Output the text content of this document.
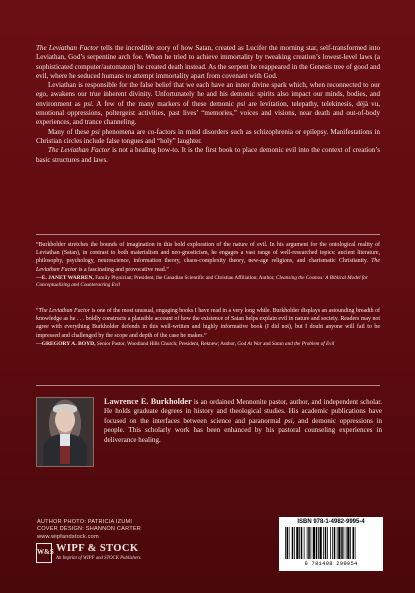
The Leviathan Factor tells the incredible story of how Satan, created as Lucifer the morning star, self-transformed into Leviathan, God’s serpentine arch foe. When he tried to achieve immortality by tweaking creation’s lowest-level laws (a sophisticated computer/automaton) he created death instead. As the serpent he reappeared in the Genesis tree of good and evil, where he seduced humans to attempt immortality apart from covenant with God.

Leviathan is responsible for the false belief that we each have an inner divine spark which, when reconnected to our ego, awakens our true inherent divinity. Unfortunately he and his demonic spirits also impact our minds, bodies, and environment as psi. A few of the many markers of these demonic psi are levitation, telepathy, telekinesis, déjà vu, emotional oppressions, poltergeist activities, past lives’ “memories,” voices and visions, near death and out-of-body experiences, and trance channeling.

Many of these psi phenomena are co-factors in mind disorders such as schizophrenia or epilepsy. Manifestations in Christian circles include false tongues and “holy” laughter.

The Leviathan Factor is not a healing how-to. It is the first book to place demonic evil into the context of creation’s basic structures and laws.

“Burkholder stretches the bounds of imagination in this bold exploration of the nature of evil. In his argument for the ontological reality of Leviathan (Satan), in contrast to both materialism and neo-gnosticism, he engages a vast range of well-researched topics: ancient literature, philosophy, psychology, neuroscience, information theory, chaos-complexity theory, new-age religions, and charismatic Christianity. The Leviathan Factor is a fascinating and provocative read.”
—E. JANET WARREN, Family Physician; President, the Canadian Scientific and Christian Affiliation; Author, Cleansing the Cosmos: A Biblical Model for Conceptualizing and Counteracting Evil
“The Leviathan Factor is one of the most unusual, engaging books I have read in a very long while. Burkholder displays an astounding breadth of knowledge as he . . . boldly constructs a plausible account of how the existence of Satan helps explain evil in nature and society. Readers may not agree with everything Burkholder defends in this well-written and highly informative book (I did not), but I doubt anyone will fail to be impressed and challenged by the scope and depth of the case he makes.”
—GREGORY A. BOYD, Senior Pastor, Woodland Hills Church; President, Reknew; Author, God At War and Satan and the Problem of Evil
Lawrence E. Burkholder is an ordained Mennonite pastor, author, and independent scholar. He holds graduate degrees in history and theological studies. His academic publications have focused on the interfaces between science and paranormal psi, and demonic oppressions in people. This scholarly work has been enhanced by his pastoral counseling experiences in deliverance healing.
AUTHOR PHOTO: PATRICIA IZUMI
COVER DESIGN: SHANNON CARTER
www.wipfandstock.com
W&S WIPF & STOCK
An Imprint of WIPF and STOCK Publishers
ISBN 978-1-4982-9995-4
9 781498 299954
